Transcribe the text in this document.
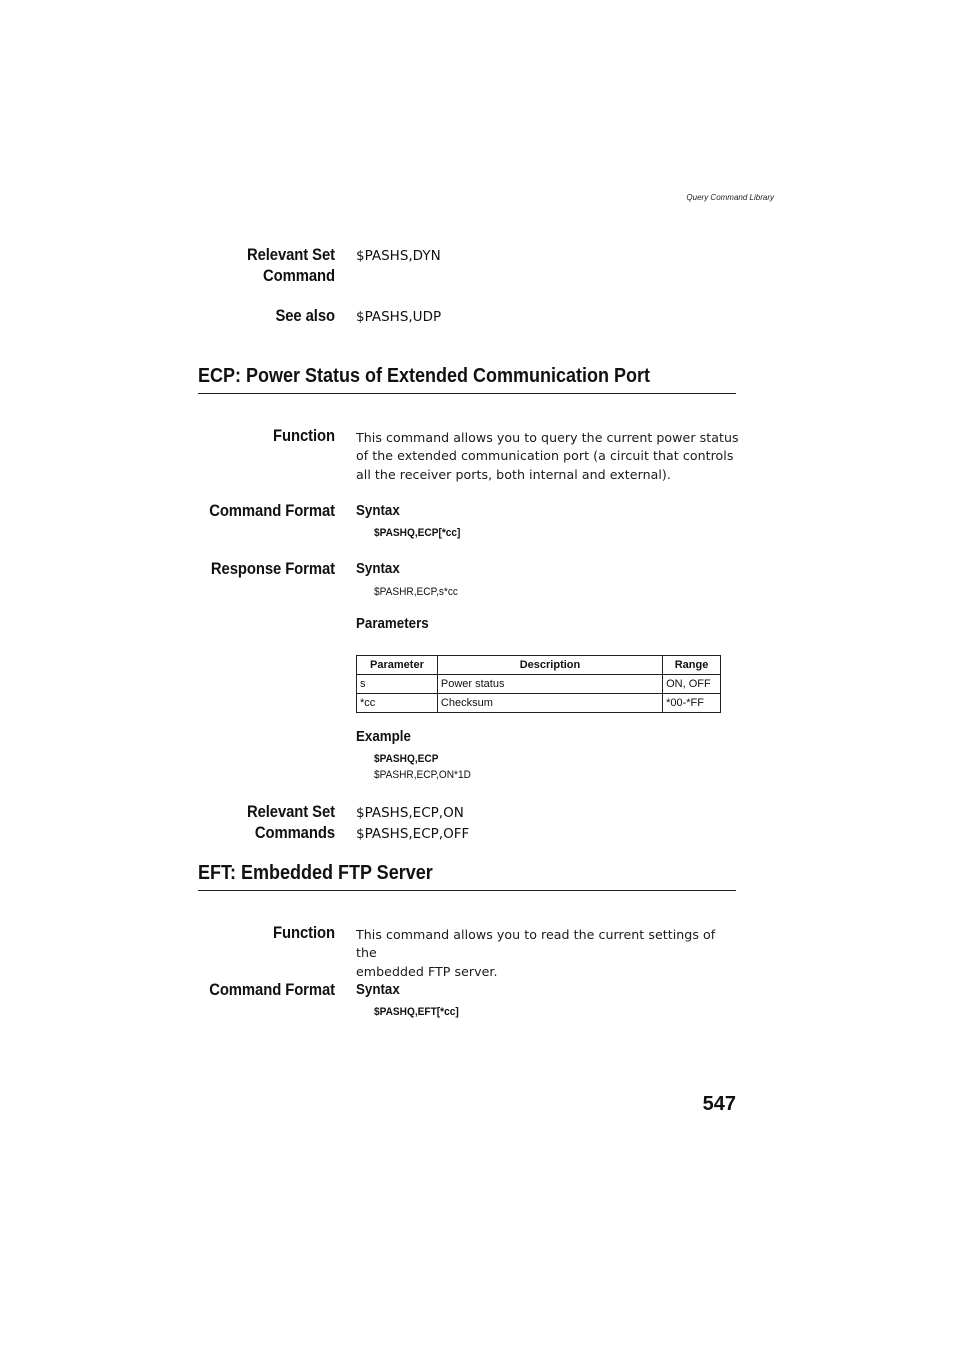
Query Command Library
Relevant Set
Command
$PASHS,DYN
See also $PASHS,UDP
ECP: Power Status of Extended Communication Port
Function This command allows you to query the current power status
of the extended communication port (a circuit that controls
all the receiver ports, both internal and external).
Command Format Syntax
$PASHQ,ECP[*cc]
Response Format Syntax
$PASHR,ECP,s*cc
Parameters
Parameter	Description	Range
s	Power status	ON, OFF
*cc	Checksum	*00-*FF
Example
$PASHQ,ECP
$PASHR,ECP,ON*1D
Relevant Set
Commands
$PASHS,ECP,ON
$PASHS,ECP,OFF
EFT: Embedded FTP Server
Function This command allows you to read the current settings of the
embedded FTP server.
Command Format Syntax
$PASHQ,EFT[*cc]
547
